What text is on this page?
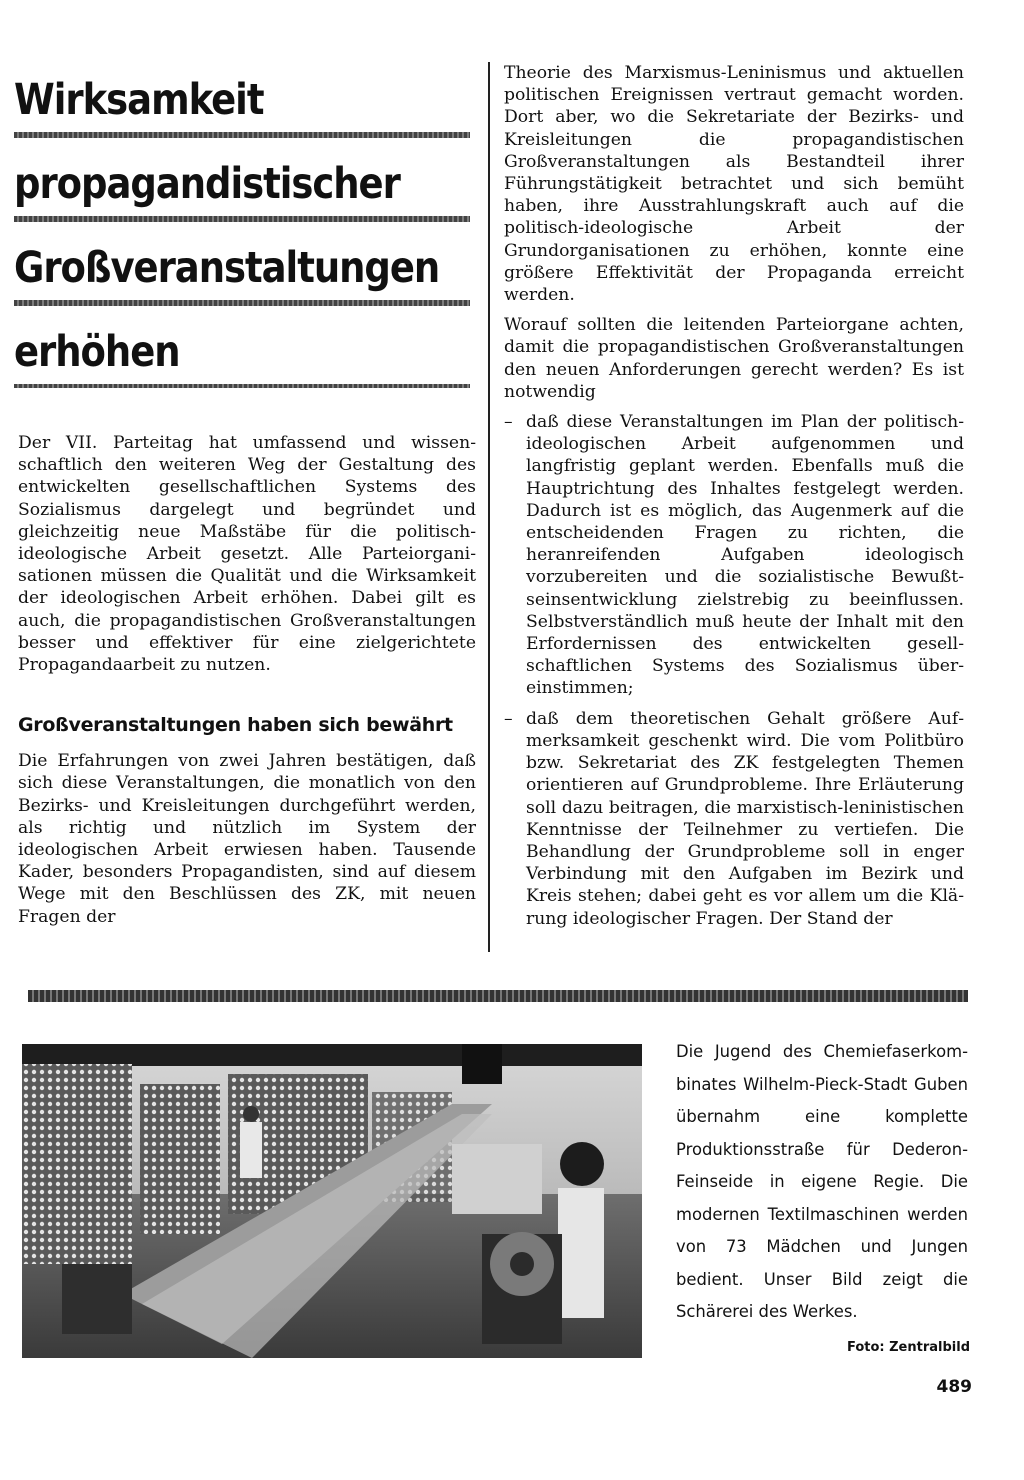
Wirksamkeit
propagandistischer
Großveranstaltungen
erhöhen

Der VII. Parteitag hat umfassend und wissenschaftlich den weiteren Weg der Gestaltung des entwickelten gesellschaftlichen Systems des Sozialismus dargelegt und begründet und gleichzeitig neue Maßstäbe für die politisch-ideologische Arbeit gesetzt. Alle Parteiorganisationen müssen die Qualität und die Wirksamkeit der ideologischen Arbeit erhöhen. Dabei gilt es auch, die propagandistischen Großveranstaltungen besser und effektiver für eine zielgerichtete Propagandaarbeit zu nutzen.

Großveranstaltungen haben sich bewährt

Die Erfahrungen von zwei Jahren bestätigen, daß sich diese Veranstaltungen, die monatlich von den Bezirks- und Kreisleitungen durchgeführt werden, als richtig und nützlich im System der ideologischen Arbeit erwiesen haben. Tausende Kader, besonders Propagandisten, sind auf diesem Wege mit den Beschlüssen des ZK, mit neuen Fragen der

Theorie des Marxismus-Leninismus und aktuellen politischen Ereignissen vertraut gemacht worden. Dort aber, wo die Sekretariate der Bezirks- und Kreisleitungen die propagandistischen Großveranstaltungen als Bestandteil ihrer Führungstätigkeit betrachtet und sich bemüht haben, ihre Ausstrahlungskraft auch auf die politisch-ideologische Arbeit der Grundorganisationen zu erhöhen, konnte eine größere Effektivität der Propaganda erreicht werden.

Worauf sollten die leitenden Parteiorgane achten, damit die propagandistischen Großveranstaltungen den neuen Anforderungen gerecht werden? Es ist notwendig

– daß diese Veranstaltungen im Plan der politisch-ideologischen Arbeit aufgenommen und langfristig geplant werden. Ebenfalls muß die Hauptrichtung des Inhaltes festgelegt werden. Dadurch ist es möglich, das Augenmerk auf die entscheidenden Fragen zu richten, die heranreifenden Aufgaben ideologisch vorzubereiten und die sozialistische Bewußtseinsentwicklung zielstrebig zu beeinflussen. Selbstverständlich muß heute der Inhalt mit den Erfordernissen des entwickelten gesellschaftlichen Systems des Sozialismus übereinstimmen;

– daß dem theoretischen Gehalt größere Aufmerksamkeit geschenkt wird. Die vom Politbüro bzw. Sekretariat des ZK festgelegten Themen orientieren auf Grundprobleme. Ihre Erläuterung soll dazu beitragen, die marxistisch-leninistischen Kenntnisse der Teilnehmer zu vertiefen. Die Behandlung der Grundprobleme soll in enger Verbindung mit den Aufgaben im Bezirk und Kreis stehen; dabei geht es vor allem um die Klärung ideologischer Fragen. Der Stand der

Die Jugend des Chemiefaserkombinates Wilhelm-Pieck-Stadt Guben übernahm eine komplette Produktionsstraße für Dederon-Feinseide in eigene Regie. Die modernen Textilmaschinen werden von 73 Mädchen und Jungen bedient. Unser Bild zeigt die Schärerei des Werkes.
Foto: Zentralbild
489
